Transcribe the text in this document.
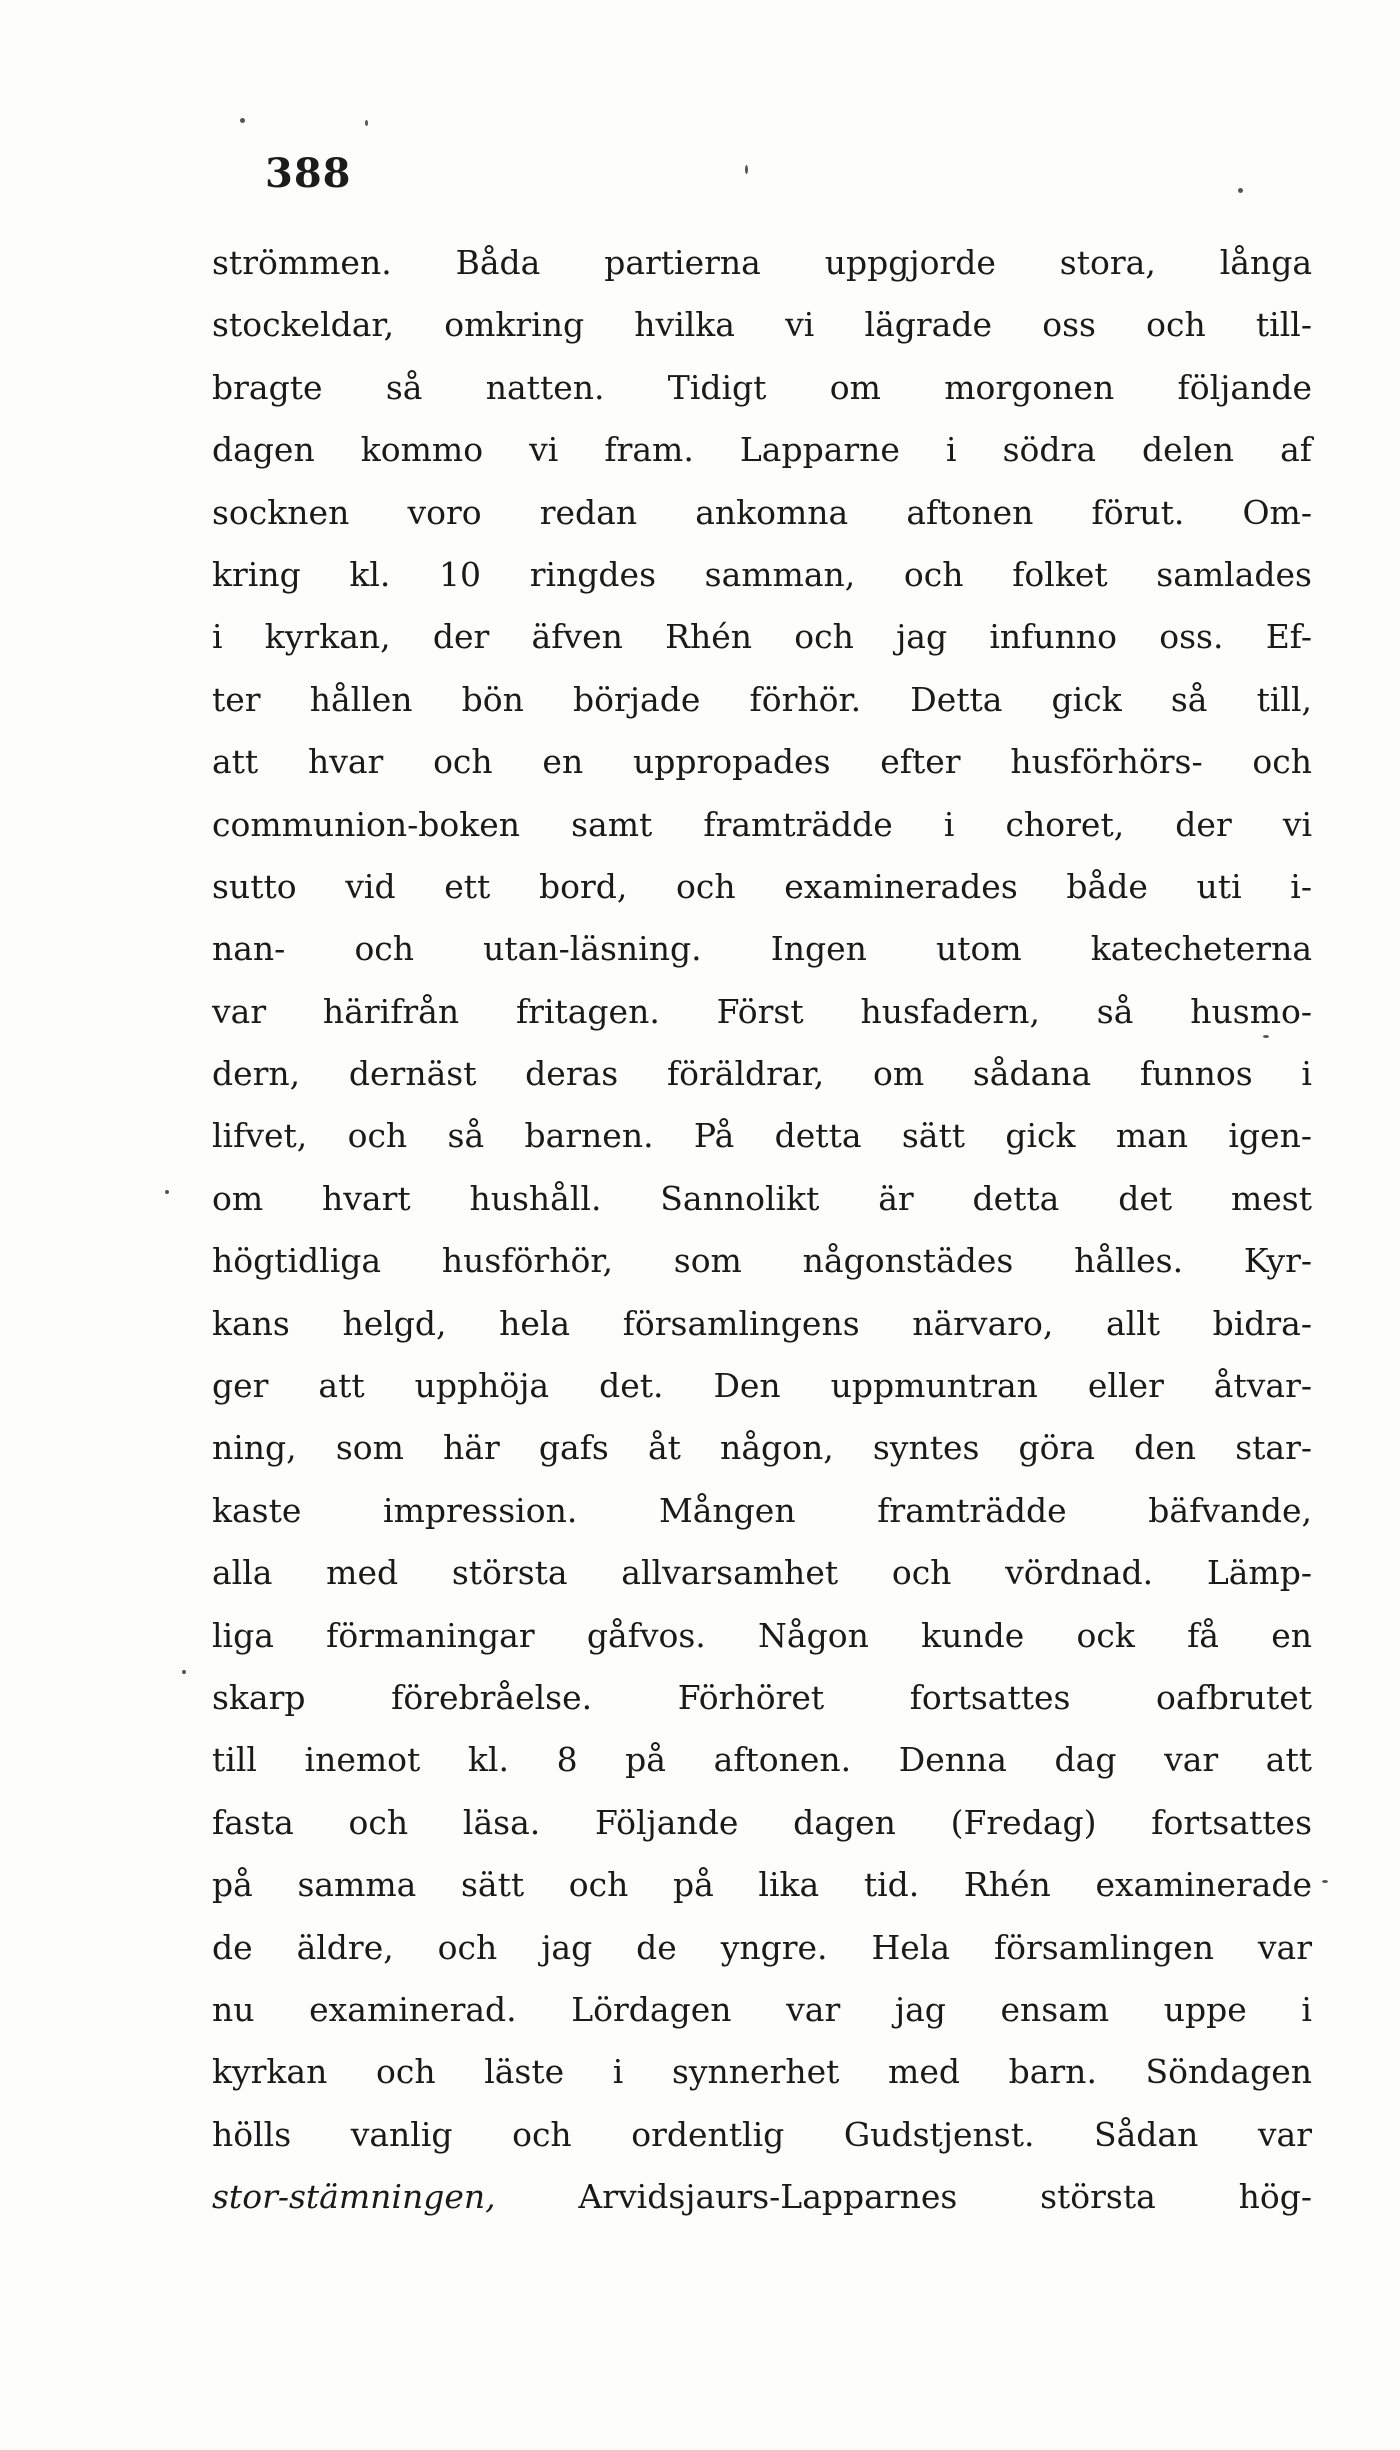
388
strömmen. Båda partierna uppgjorde stora, långa
stockeldar, omkring hvilka vi lägrade oss och till-
bragte så natten. Tidigt om morgonen följande
dagen kommo vi fram. Lapparne i södra delen af
socknen voro redan ankomna aftonen förut. Om-
kring kl. 10 ringdes samman, och folket samlades
i kyrkan, der äfven Rhén och jag infunno oss. Ef-
ter hållen bön började förhör. Detta gick så till,
att hvar och en uppropades efter husförhörs- och
communion-boken samt framträdde i choret, der vi
sutto vid ett bord, och examinerades både uti i-
nan- och utan-läsning. Ingen utom katecheterna
var härifrån fritagen. Först husfadern, så husmo-
dern, dernäst deras föräldrar, om sådana funnos i
lifvet, och så barnen. På detta sätt gick man igen-
om hvart hushåll. Sannolikt är detta det mest
högtidliga husförhör, som någonstädes hålles. Kyr-
kans helgd, hela församlingens närvaro, allt bidra-
ger att upphöja det. Den uppmuntran eller åtvar-
ning, som här gafs åt någon, syntes göra den star-
kaste impression. Mången framträdde bäfvande,
alla med största allvarsamhet och vördnad. Lämp-
liga förmaningar gåfvos. Någon kunde ock få en
skarp förebråelse. Förhöret fortsattes oafbrutet
till inemot kl. 8 på aftonen. Denna dag var att
fasta och läsa. Följande dagen (Fredag) fortsattes
på samma sätt och på lika tid. Rhén examinerade
de äldre, och jag de yngre. Hela församlingen var
nu examinerad. Lördagen var jag ensam uppe i
kyrkan och läste i synnerhet med barn. Söndagen
hölls vanlig och ordentlig Gudstjenst. Sådan var
stor-stämningen, Arvidsjaurs-Lapparnes största hög-
